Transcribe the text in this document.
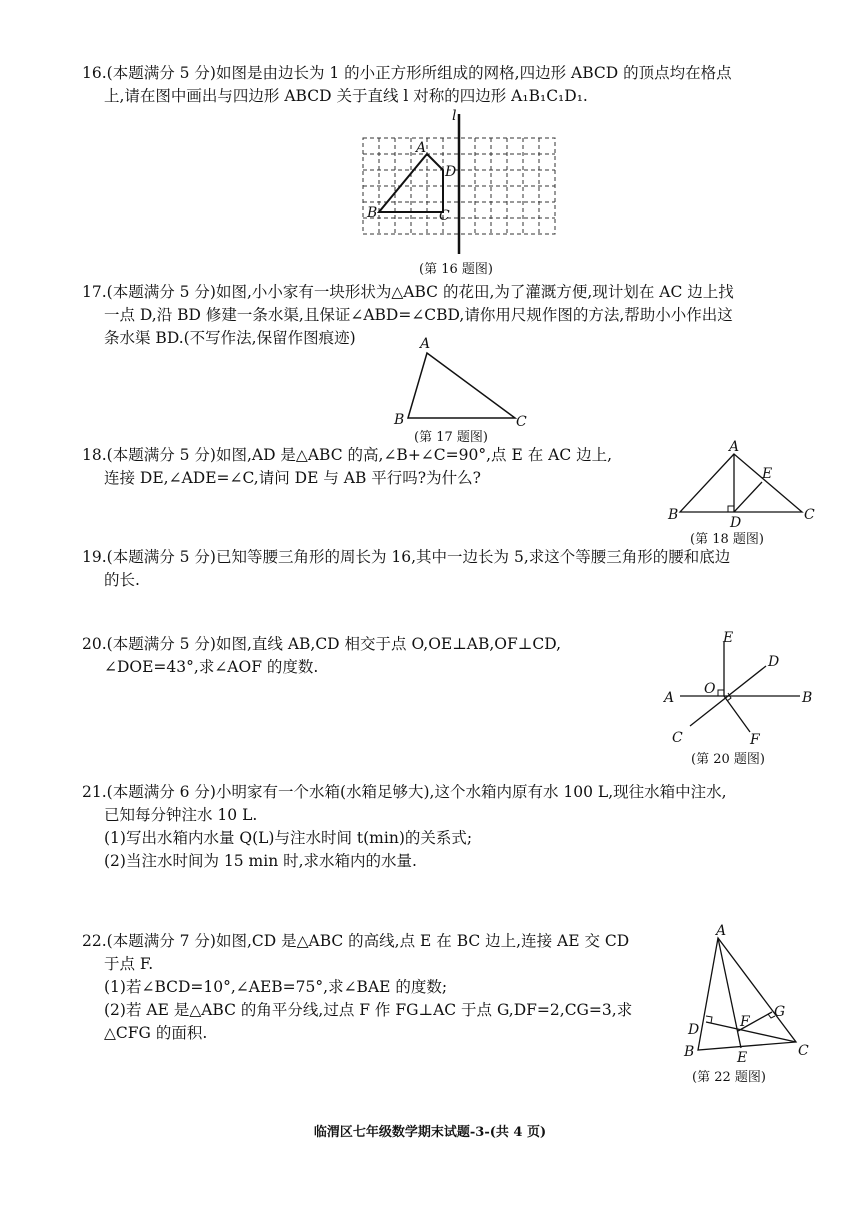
16.(本题满分 5 分)如图是由边长为 1 的小正方形所组成的网格,四边形 ABCD 的顶点均在格点
上,请在图中画出与四边形 ABCD 关于直线 l 对称的四边形 A₁B₁C₁D₁.
l
A
D
B	C
(第 16 题图)
17.(本题满分 5 分)如图,小小家有一块形状为△ABC 的花田,为了灌溉方便,现计划在 AC 边上找
一点 D,沿 BD 修建一条水渠,且保证∠ABD=∠CBD,请你用尺规作图的方法,帮助小小作出这
条水渠 BD.(不写作法,保留作图痕迹)	A
B	C
(第 17 题图)
18.(本题满分 5 分)如图,AD 是△ABC 的高,∠B+∠C=90°,点 E 在 AC 边上,
连接 DE,∠ADE=∠C,请问 DE 与 AB 平行吗?为什么?
A
E
B	D	C
(第 18 题图)
19.(本题满分 5 分)已知等腰三角形的周长为 16,其中一边长为 5,求这个等腰三角形的腰和底边
的长.
20.(本题满分 5 分)如图,直线 AB,CD 相交于点 O,OE⊥AB,OF⊥CD,
∠DOE=43°,求∠AOF 的度数.
E
D
A
O
B
C	F
(第 20 题图)
21.(本题满分 6 分)小明家有一个水箱(水箱足够大),这个水箱内原有水 100 L,现往水箱中注水,
已知每分钟注水 10 L.
(1)写出水箱内水量 Q(L)与注水时间 t(min)的关系式;
(2)当注水时间为 15 min 时,求水箱内的水量.
22.(本题满分 7 分)如图,CD 是△ABC 的高线,点 E 在 BC 边上,连接 AE 交 CD
于点 F.
(1)若∠BCD=10°,∠AEB=75°,求∠BAE 的度数;
(2)若 AE 是△ABC 的角平分线,过点 F 作 FG⊥AC 于点 G,DF=2,CG=3,求
△CFG 的面积.
A
G
D	F
B	E	C
(第 22 题图)
临渭区七年级数学期末试题-3-(共 4 页)
